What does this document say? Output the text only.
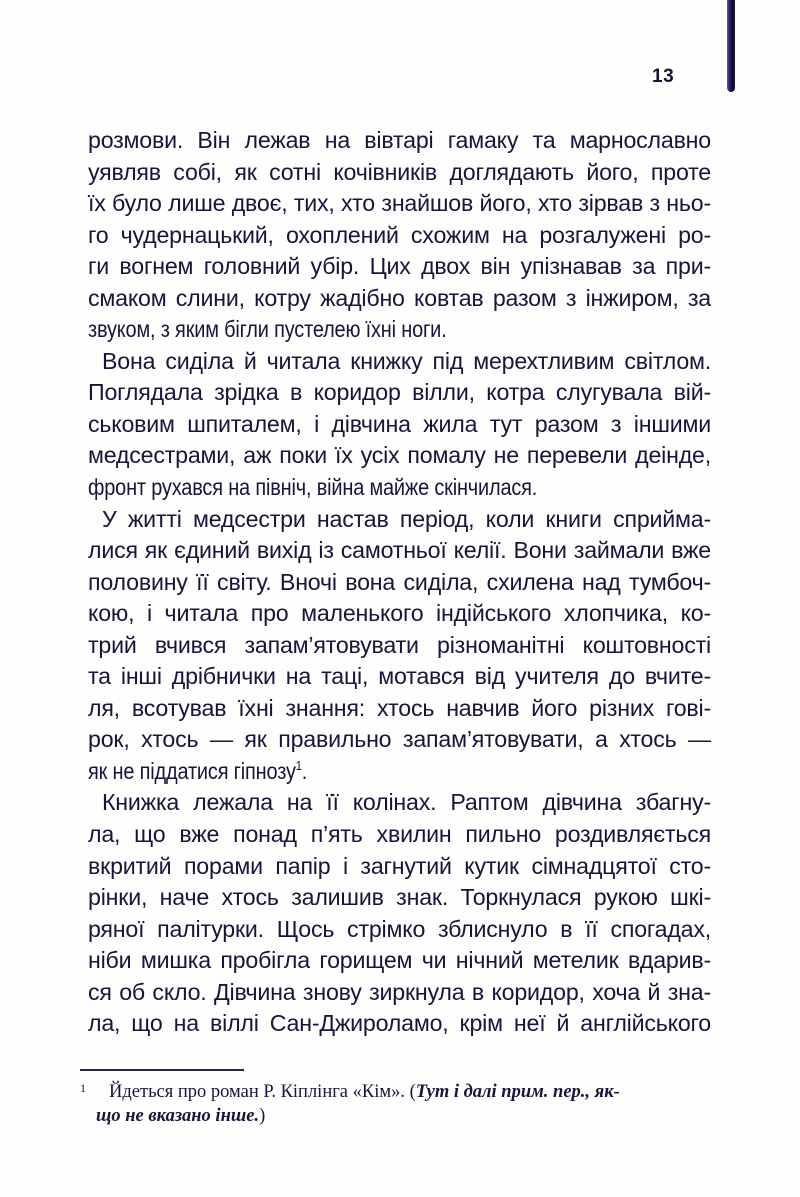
13
розмови. Він лежав на вівтарі гамаку та марнославно
уявляв собі, як сотні кочівників доглядають його, проте
їх було лише двоє, тих, хто знайшов його, хто зірвав з ньо-
го чудернацький, охоплений схожим на розгалужені ро-
ги вогнем головний убір. Цих двох він упізнавав за при-
смаком слини, котру жадібно ковтав разом з інжиром, за
звуком, з яким бігли пустелею їхні ноги.
Вона сиділа й читала книжку під мерехтливим світлом.
Поглядала зрідка в коридор вілли, котра слугувала вій-
ськовим шпиталем, і дівчина жила тут разом з іншими
медсестрами, аж поки їх усіх помалу не перевели деінде,
фронт рухався на північ, війна майже скінчилася.
У житті медсестри настав період, коли книги сприйма-
лися як єдиний вихід із самотньої келії. Вони займали вже
половину її світу. Вночі вона сиділа, схилена над тумбоч-
кою, і читала про маленького індійського хлопчика, ко-
трий вчився запам’ятовувати різноманітні коштовності
та інші дрібнички на таці, мотався від учителя до вчите-
ля, всотував їхні знання: хтось навчив його різних гові-
рок, хтось — як правильно запам’ятовувати, а хтось —
як не піддатися гіпнозу$^1$.
Книжка лежала на її колінах. Раптом дівчина збагну-
ла, що вже понад п’ять хвилин пильно роздивляється
вкритий порами папір і загнутий кутик сімнадцятої сто-
рінки, наче хтось залишив знак. Торкнулася рукою шкі-
ряної палітурки. Щось стрімко зблиснуло в її спогадах,
ніби мишка пробігла горищем чи нічний метелик вдарив-
ся об скло. Дівчина знову зиркнула в коридор, хоча й зна-
ла, що на віллі Сан-Джироламо, крім неї й англійського
1	Йдеться про роман Р. Кіплінга «Кім». (Тут і далі прим. пер., як-
що не вказано інше.)
